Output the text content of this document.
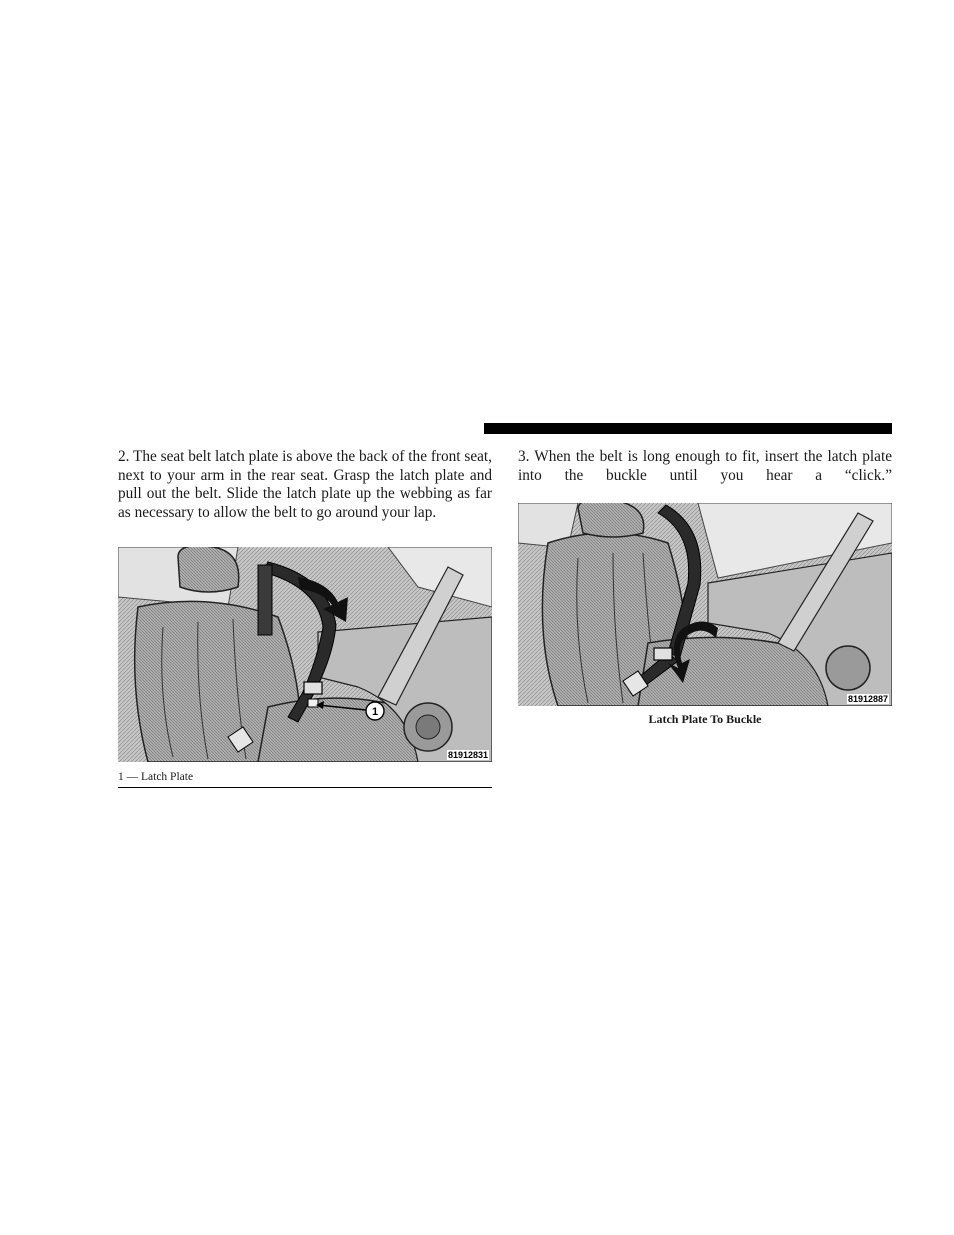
2. The seat belt latch plate is above the back of the front seat, next to your arm in the rear seat. Grasp the latch plate and pull out the belt. Slide the latch plate up the webbing as far as necessary to allow the belt to go around your lap.

1
81912831
1 — Latch Plate

3. When the belt is long enough to fit, insert the latch plate into the buckle until you hear a “click.”

81912887
Latch Plate To Buckle
